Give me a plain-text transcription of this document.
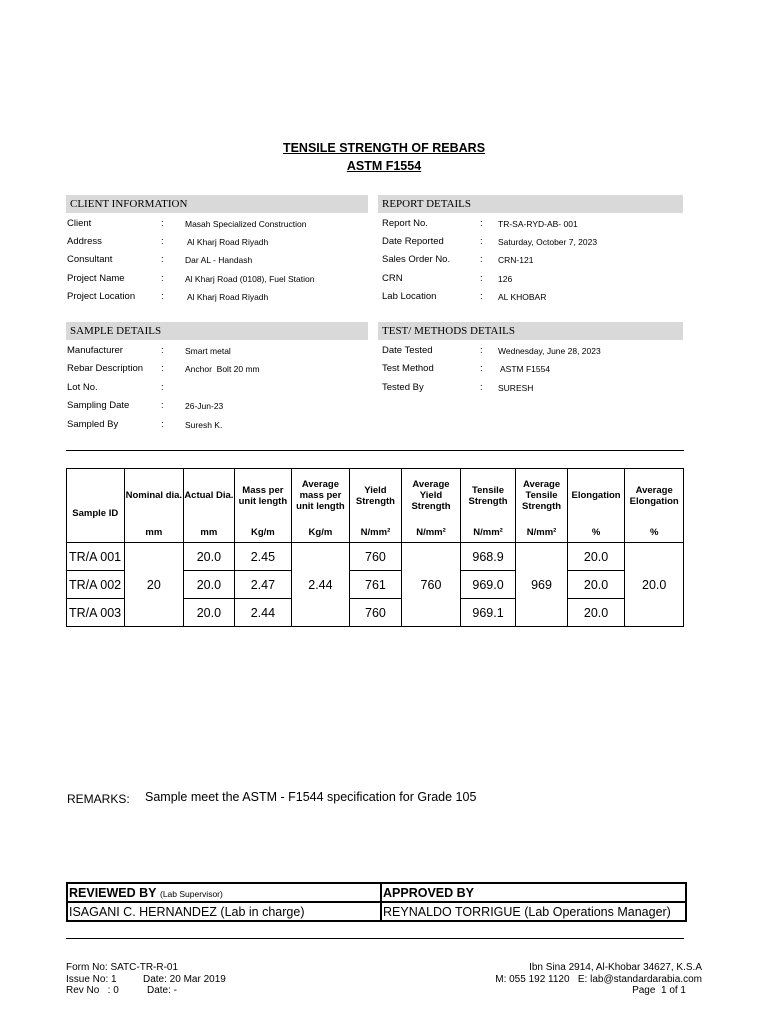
TENSILE STRENGTH OF REBARS
ASTM F1554
CLIENT INFORMATION	REPORT DETAILS
SAMPLE DETAILS	TEST/ METHODS DETAILS
Client	:	Masah Specialized Construction
Address	:	Al Kharj Road Riyadh
Consultant	:	Dar AL - Handash
Project Name	:	Al Kharj Road (0108), Fuel Station
Project Location	:	Al Kharj Road Riyadh
Report No.	:	TR-SA-RYD-AB- 001
Date Reported	:	Saturday, October 7, 2023
Sales Order No.	:	CRN-121
CRN	:	126
Lab Location	:	AL KHOBAR
Manufacturer	:	Smart metal
Rebar Description	:	Anchor  Bolt 20 mm
Lot No.	:
Sampling Date	:	26-Jun-23
Sampled By	:	Suresh K.
Date Tested	:	Wednesday, June 28, 2023
Test Method	:	ASTM F1554
Tested By	:	SURESH
Sample ID	Nominal dia.	Actual Dia.	Mass per unit length	Average mass per unit length	Yield Strength	Average Yield Strength	Tensile Strength	Average Tensile Strength	Elongation	Average Elongation
	mm	mm	Kg/m	Kg/m	N/mm²	N/mm²	N/mm²	N/mm²	%	%
TR/A 001	20	20.0	2.45	2.44	760	760	968.9	969	20.0	20.0
TR/A 002		20.0	2.47		761		969.0		20.0	
TR/A 003		20.0	2.44		760		969.1		20.0	
REMARKS: Sample meet the ASTM - F1544 specification for Grade 105
REVIEWED BY (Lab Supervisor)	APPROVED BY
ISAGANI C. HERNANDEZ (Lab in charge)	REYNALDO TORRIGUE (Lab Operations Manager)
Form No: SATC-TR-R-01
Issue No: 1	Date: 20 Mar 2019
Rev No   : 0	Date: -
Ibn Sina 2914, Al-Khobar 34627, K.S.A
M: 055 192 1120   E: lab@standardarabia.com
Page  1 of 1
